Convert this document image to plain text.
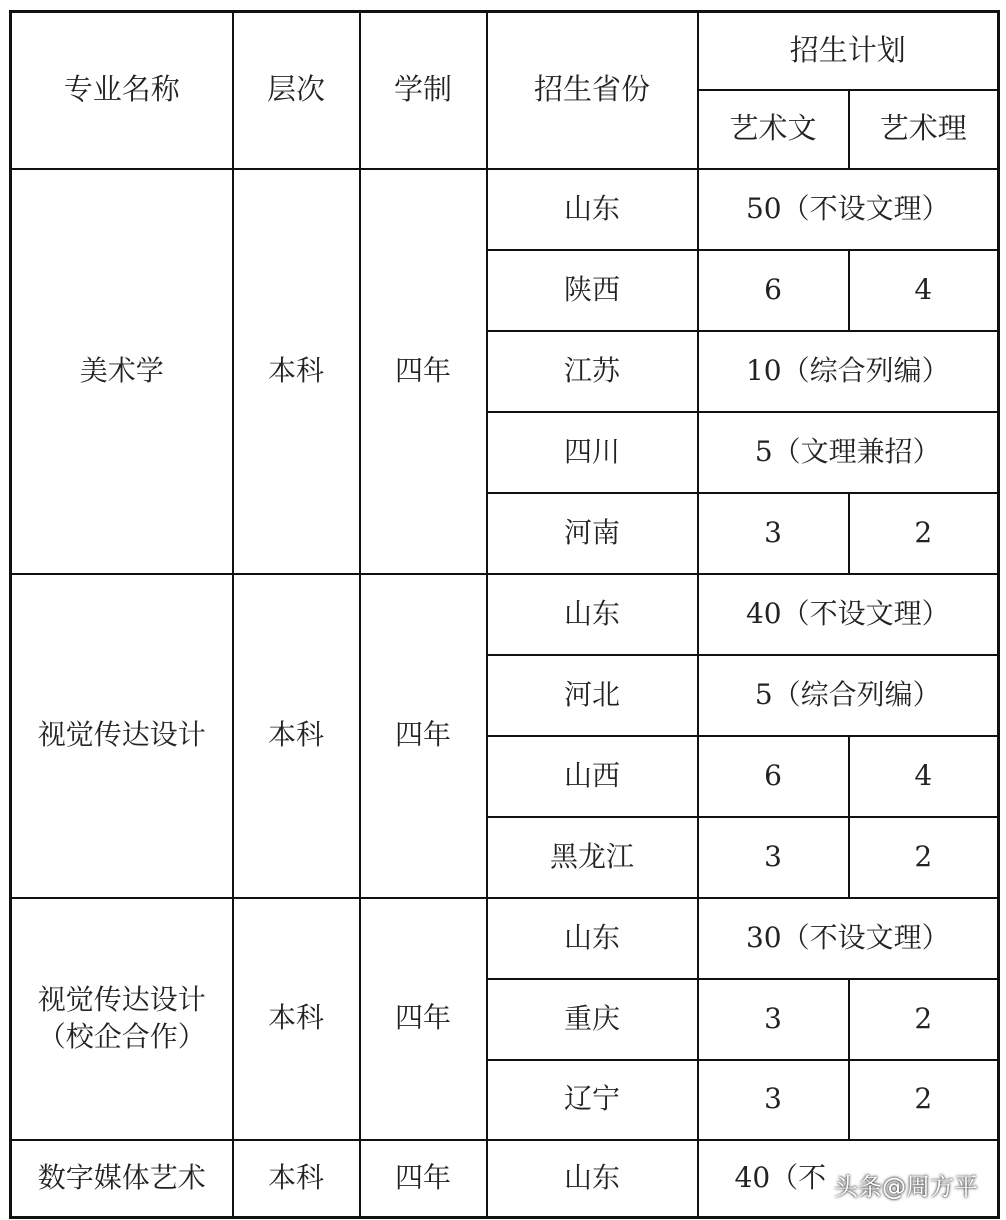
专业名称	层次	学制	招生省份	招生计划	
				艺术文	艺术理
美术学	本科	四年	山东	50（不设文理）	
			陕西	6	4
			江苏	10（综合列编）	
			四川	5（文理兼招）	
			河南	3	2
视觉传达设计	本科	四年	山东	40（不设文理）	
			河北	5（综合列编）	
			山西	6	4
			黑龙江	3	2

视觉传达设计
（校企合作）	本科	四年	山东	30（不设文理）	
			重庆	3	2
			辽宁	3	2
数字媒体艺术	本科	四年	山东	40（不	头条@周方平
